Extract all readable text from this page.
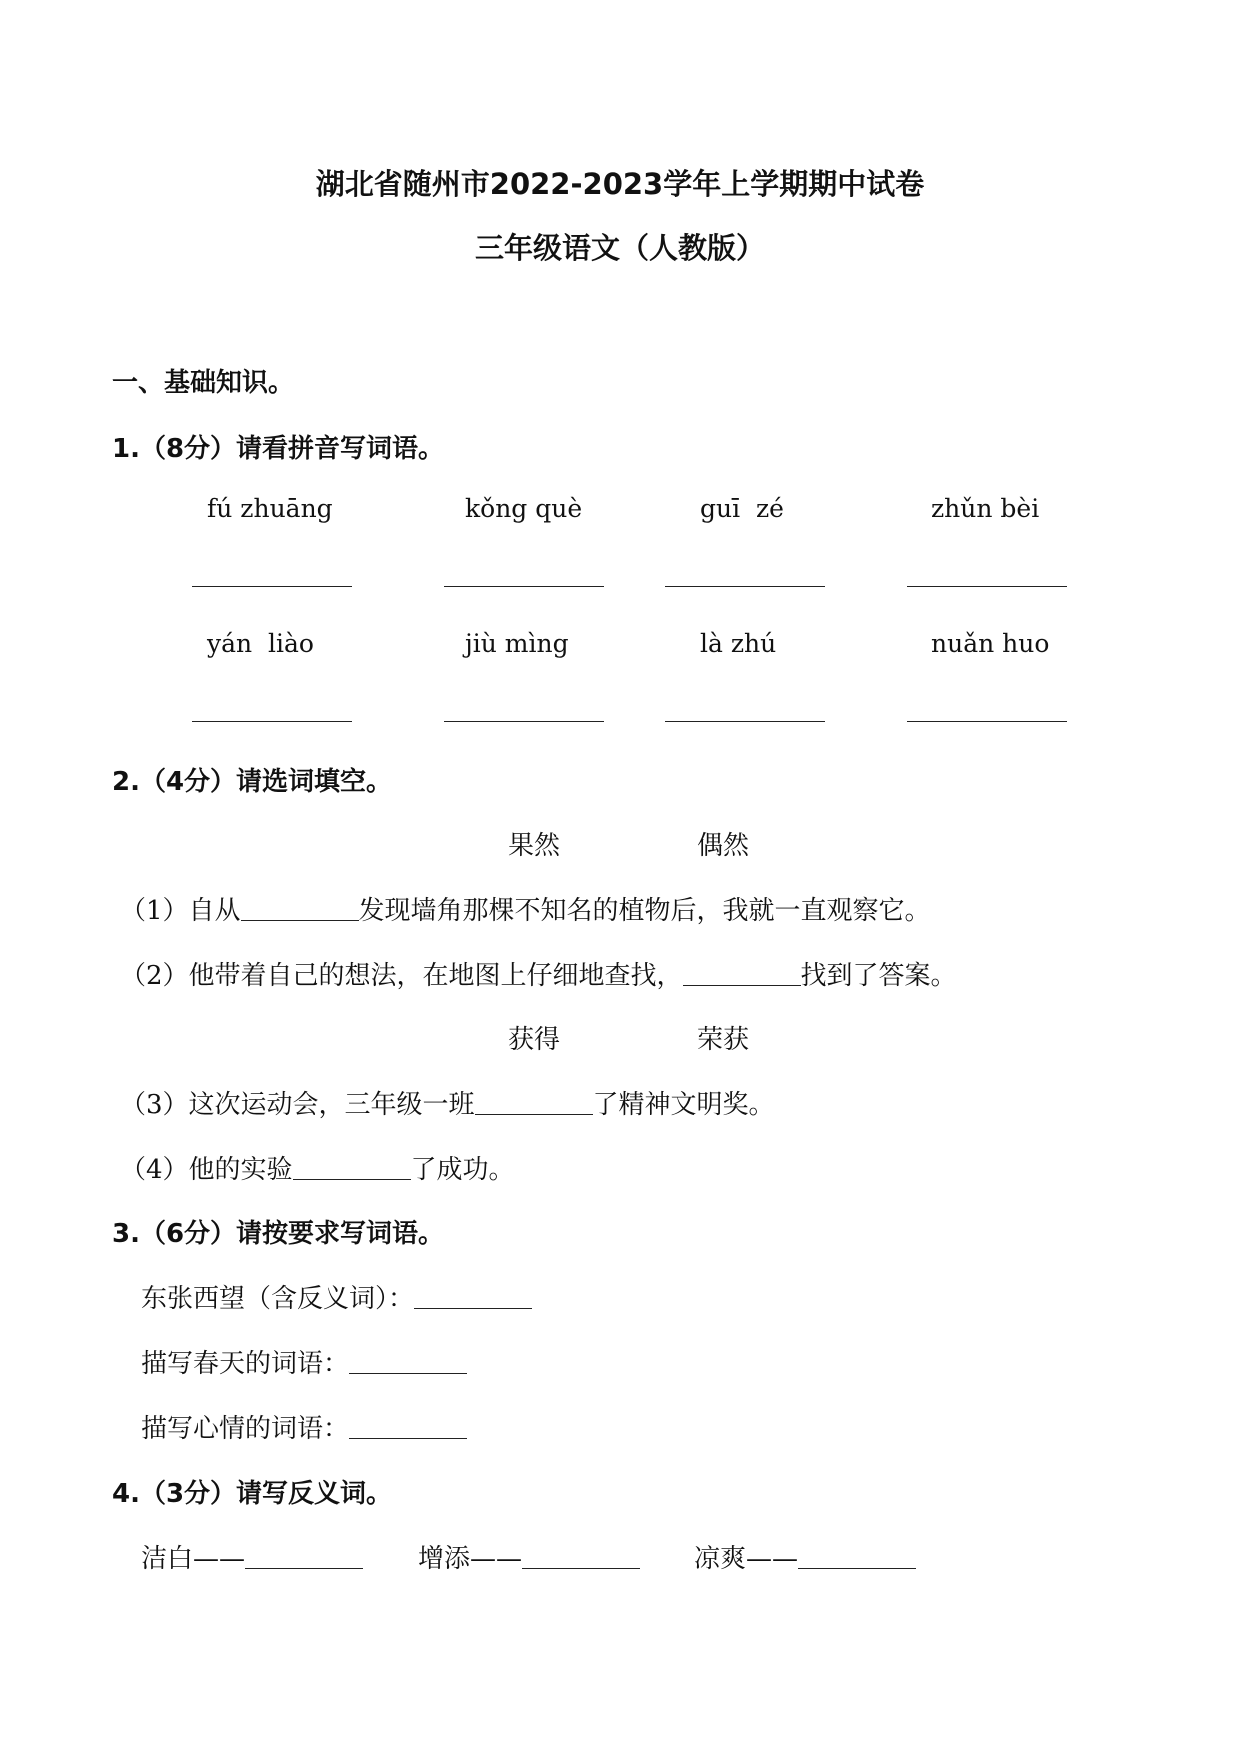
湖北省随州市2022-2023学年上学期期中试卷
三年级语文（人教版）
一、基础知识。
1.（8分）请看拼音写词语。
fú zhuāng	kǒng què	guī  zé	zhǔn bèi
yán  liào	jiù mìng	là zhú	nuǎn huo
2.（4分）请选词填空。
果然	偶然
（1）自从	发现墙角那棵不知名的植物后，我就一直观察它。
（2）他带着自己的想法，在地图上仔细地查找，	找到了答案。
获得	荣获
（3）这次运动会，三年级一班	了精神文明奖。
（4）他的实验	了成功。
3.（6分）请按要求写词语。
东张西望（含反义词）：
描写春天的词语：
描写心情的词语：
4.（3分）请写反义词。
洁白——	增添——	凉爽——
